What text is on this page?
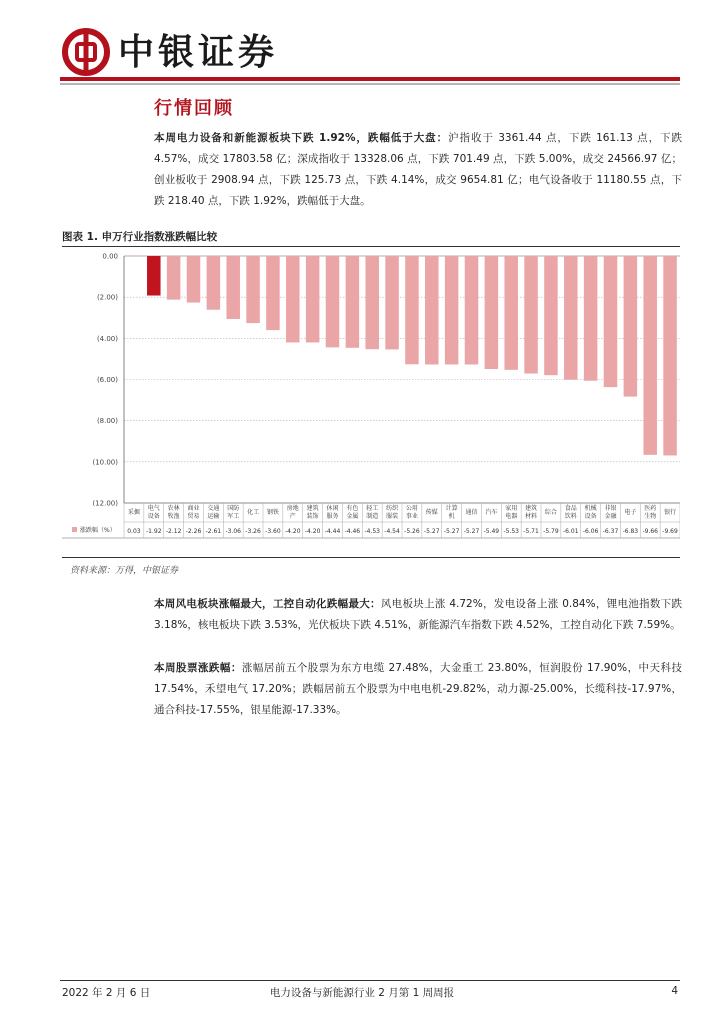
中银证券
行情回顾
本周电力设备和新能源板块下跌 1.92%，跌幅低于大盘：沪指收于 3361.44 点，下跌 161.13 点，下跌 4.57%，成交 17803.58 亿；深成指收于 13328.06 点，下跌 701.49 点，下跌 5.00%，成交 24566.97 亿；创业板收于 2908.94 点，下跌 125.73 点，下跌 4.14%，成交 9654.81 亿；电气设备收于 11180.55 点，下跌 218.40 点，下跌 1.92%，跌幅低于大盘。
图表 1. 申万行业指数涨跌幅比较
0.00
(2.00)
(4.00)
(6.00)
(8.00)
(10.00)
(12.00)
涨跌幅（%）
采掘
0.03
电气
设备
-1.92
农林
牧渔
-2.12
商业
贸易
-2.26
交通
运输
-2.61
国防
军工
-3.06
化工
-3.26
钢铁
-3.60
房地
产
-4.20
建筑
装饰
-4.20
休闲
服务
-4.44
有色
金属
-4.46
轻工
制造
-4.53
纺织
服装
-4.54
公用
事业
-5.26
传媒
-5.27
计算
机
-5.27
通信
-5.27
汽车
-5.49
家用
电器
-5.53
建筑
材料
-5.71
综合
-5.79
食品
饮料
-6.01
机械
设备
-6.06
非银
金融
-6.37
电子
-6.83
医药
生物
-9.66
银行
-9.69
资料来源：万得，中银证券
本周风电板块涨幅最大，工控自动化跌幅最大：风电板块上涨 4.72%，发电设备上涨 0.84%，锂电池指数下跌 3.18%，核电板块下跌 3.53%，光伏板块下跌 4.51%，新能源汽车指数下跌 4.52%，工控自动化下跌 7.59%。
本周股票涨跌幅：涨幅居前五个股票为东方电缆 27.48%，大金重工 23.80%，恒润股份 17.90%，中天科技 17.54%，禾望电气 17.20%；跌幅居前五个股票为中电电机-29.82%，动力源-25.00%，长缆科技-17.97%，通合科技-17.55%，银星能源-17.33%。
2022 年 2 月 6 日	电力设备与新能源行业 2 月第 1 周周报	4
